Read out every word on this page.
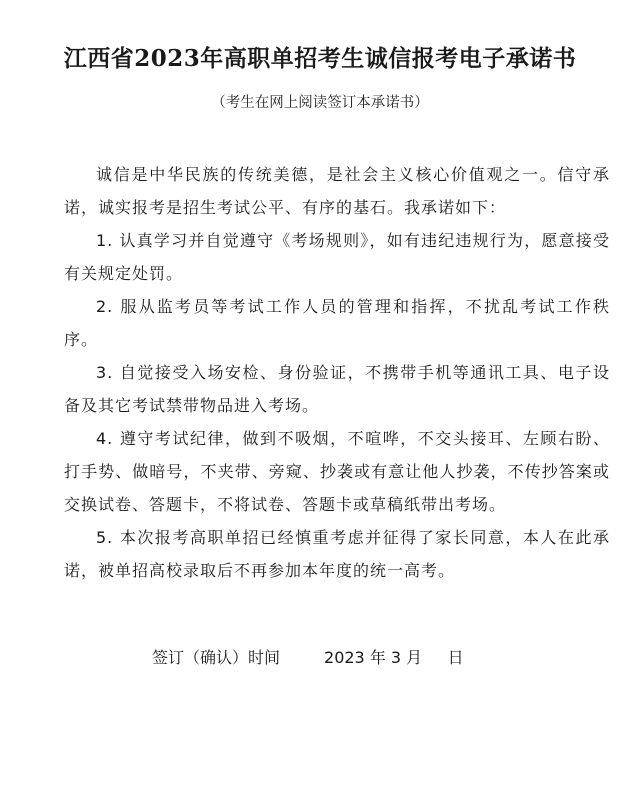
江西省2023年高职单招考生诚信报考电子承诺书
（考生在网上阅读签订本承诺书）

诚信是中华民族的传统美德，是社会主义核心价值观之一。信守承诺，诚实报考是招生考试公平、有序的基石。我承诺如下：

1. 认真学习并自觉遵守《考场规则》，如有违纪违规行为，愿意接受有关规定处罚。

2. 服从监考员等考试工作人员的管理和指挥，不扰乱考试工作秩序。

3. 自觉接受入场安检、身份验证，不携带手机等通讯工具、电子设备及其它考试禁带物品进入考场。

4. 遵守考试纪律，做到不吸烟，不喧哗，不交头接耳、左顾右盼、打手势、做暗号，不夹带、旁窥、抄袭或有意让他人抄袭，不传抄答案或交换试卷、答题卡，不将试卷、答题卡或草稿纸带出考场。

5. 本次报考高职单招已经慎重考虑并征得了家长同意，本人在此承诺，被单招高校录取后不再参加本年度的统一高考。

签订（确认）时间	2023 年 3 月     日
